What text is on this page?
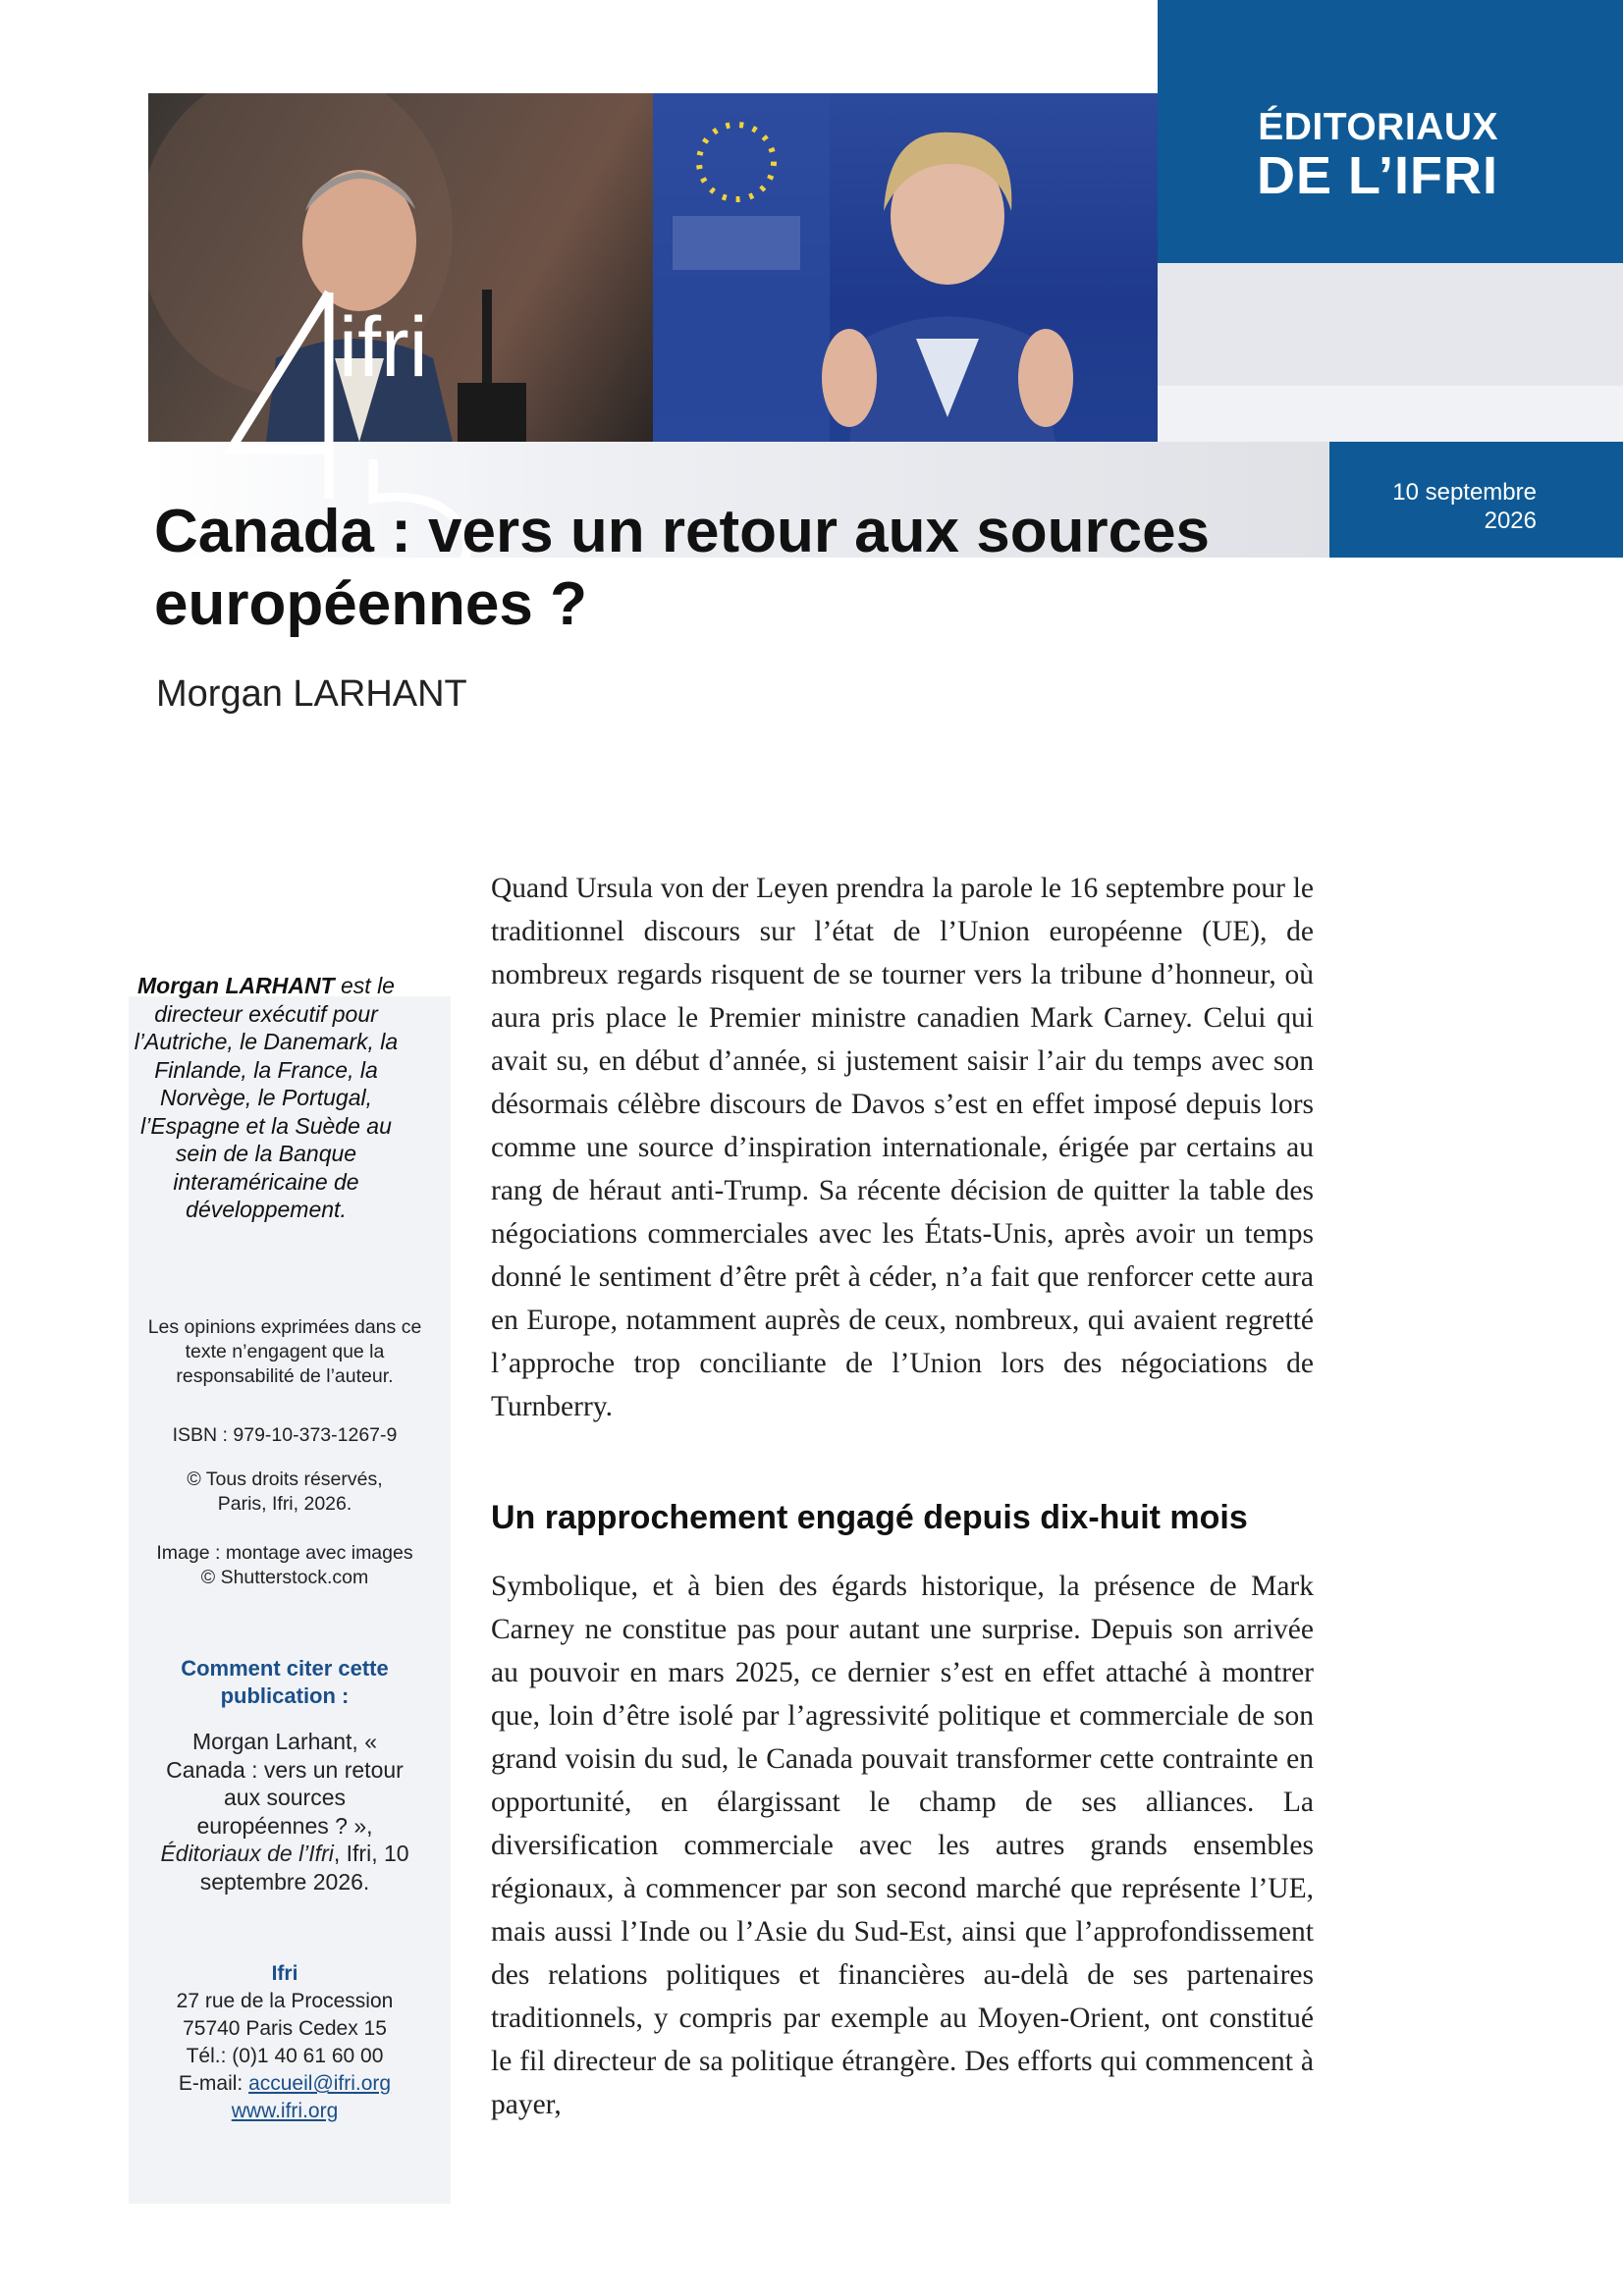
ÉDITORIAUX
DE L’IFRI
10 septembre
2026
ifri
Canada : vers un retour aux sources
européennes ?
Morgan LARHANT
Morgan LARHANT est le directeur exécutif pour l’Autriche, le Danemark, la Finlande, la France, la Norvège, le Portugal, l’Espagne et la Suède au sein de la Banque interaméricaine de développement.
Les opinions exprimées dans ce texte n’engagent que la responsabilité de l’auteur.
ISBN : 979-10-373-1267-9
© Tous droits réservés, Paris, Ifri, 2026.
Image : montage avec images © Shutterstock.com
Comment citer cette publication :
Morgan Larhant, « Canada : vers un retour aux sources européennes ? », Éditoriaux de l’Ifri, Ifri, 10 septembre 2026.
Ifri
27 rue de la Procession
75740 Paris Cedex 15
Tél.: (0)1 40 61 60 00
E-mail: accueil@ifri.org
www.ifri.org

Quand Ursula von der Leyen prendra la parole le 16 septembre pour le traditionnel discours sur l’état de l’Union européenne (UE), de nombreux regards risquent de se tourner vers la tribune d’honneur, où aura pris place le Premier ministre canadien Mark Carney. Celui qui avait su, en début d’année, si justement saisir l’air du temps avec son désormais célèbre discours de Davos s’est en effet imposé depuis lors comme une source d’inspiration internationale, érigée par certains au rang de héraut anti-Trump. Sa récente décision de quitter la table des négociations commerciales avec les États-Unis, après avoir un temps donné le sentiment d’être prêt à céder, n’a fait que renforcer cette aura en Europe, notamment auprès de ceux, nombreux, qui avaient regretté l’approche trop conciliante de l’Union lors des négociations de Turnberry.

Un rapprochement engagé depuis dix-huit mois

Symbolique, et à bien des égards historique, la présence de Mark Carney ne constitue pas pour autant une surprise. Depuis son arrivée au pouvoir en mars 2025, ce dernier s’est en effet attaché à montrer que, loin d’être isolé par l’agressivité politique et commerciale de son grand voisin du sud, le Canada pouvait transformer cette contrainte en opportunité, en élargissant le champ de ses alliances. La diversification commerciale avec les autres grands ensembles régionaux, à commencer par son second marché que représente l’UE, mais aussi l’Inde ou l’Asie du Sud-Est, ainsi que l’approfondissement des relations politiques et financières au-delà de ses partenaires traditionnels, y compris par exemple au Moyen-Orient, ont constitué le fil directeur de sa politique étrangère. Des efforts qui commencent à payer,
